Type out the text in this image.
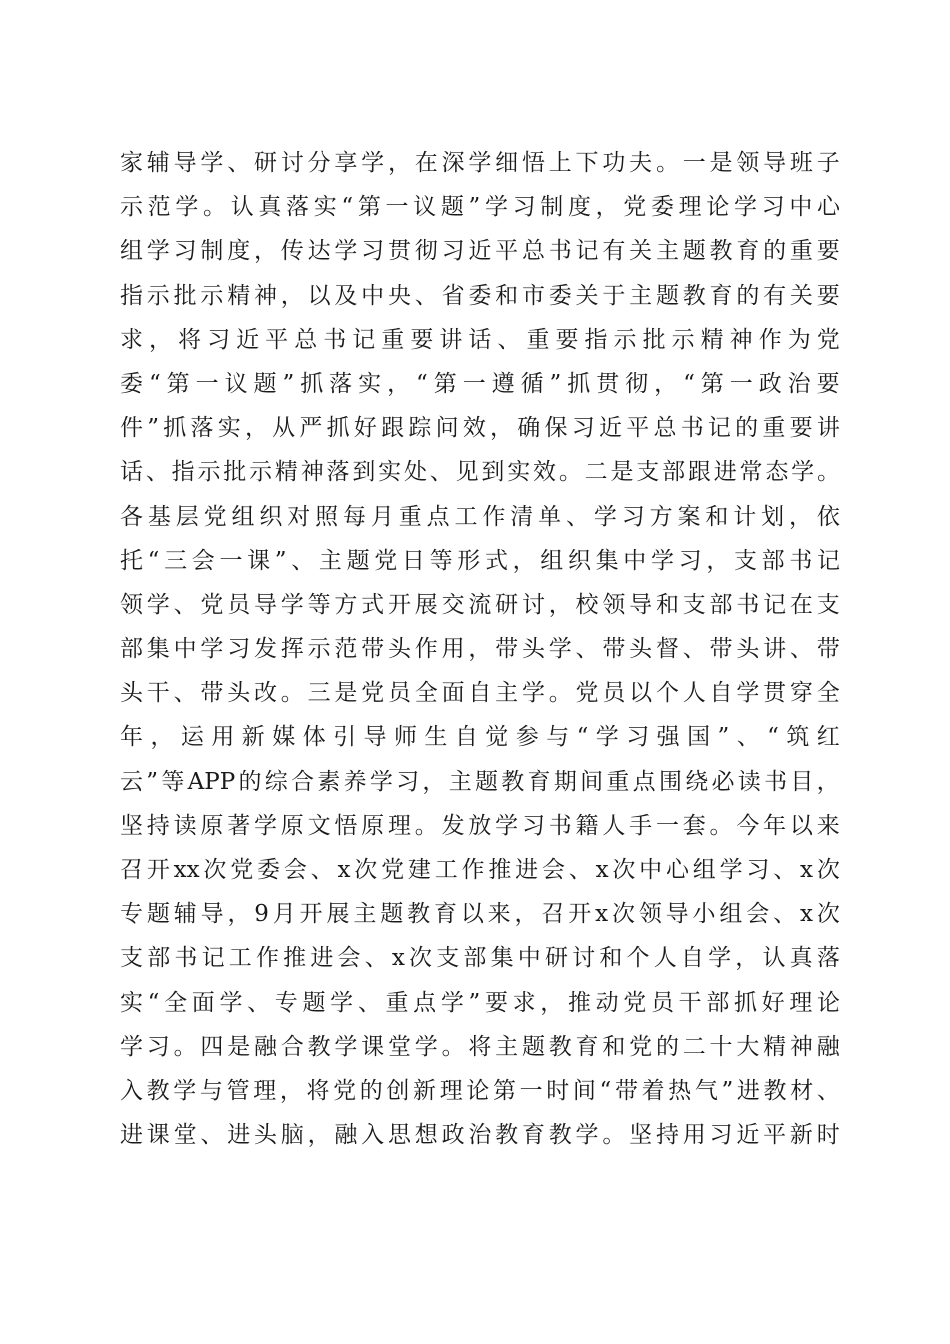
家 辅 导 学 、 研 讨 分 享 学 ， 在 深 学 细 悟 上 下 功 夫 。 一 是 领 导 班 子
示 范 学 。 认 真 落 实 “ 第 一 议 题 ” 学 习 制 度 ， 党 委 理 论 学 习 中 心
组 学 习 制 度 ， 传 达 学 习 贯 彻 习 近 平 总 书 记 有 关 主 题 教 育 的 重 要
指 示 批 示 精 神 ， 以 及 中 央 、 省 委 和 市 委 关 于 主 题 教 育 的 有 关 要
求 ， 将 习 近 平 总 书 记 重 要 讲 话 、 重 要 指 示 批 示 精 神 作 为 党
委 “ 第 一 议 题 ” 抓 落 实 ， “ 第 一 遵 循 ” 抓 贯 彻 ， “ 第 一 政 治 要
件 ” 抓 落 实 ， 从 严 抓 好 跟 踪 问 效 ， 确 保 习 近 平 总 书 记 的 重 要 讲
话 、 指 示 批 示 精 神 落 到 实 处 、 见 到 实 效 。 二 是 支 部 跟 进 常 态 学 。
各 基 层 党 组 织 对 照 每 月 重 点 工 作 清 单 、 学 习 方 案 和 计 划 ， 依
托 “ 三 会 一 课 ” 、 主 题 党 日 等 形 式 ， 组 织 集 中 学 习 ， 支 部 书 记
领 学 、 党 员 导 学 等 方 式 开 展 交 流 研 讨 ， 校 领 导 和 支 部 书 记 在 支
部 集 中 学 习 发 挥 示 范 带 头 作 用 ， 带 头 学 、 带 头 督 、 带 头 讲 、 带
头 干 、 带 头 改 。 三 是 党 员 全 面 自 主 学 。 党 员 以 个 人 自 学 贯 穿 全
年 ， 运 用 新 媒 体 引 导 师 生 自 觉 参 与 “ 学 习 强 国 ” 、 “ 筑 红
云 ” 等 APP 的 综 合 素 养 学 习 ， 主 题 教 育 期 间 重 点 围 绕 必 读 书 目 ，
坚 持 读 原 著 学 原 文 悟 原 理 。 发 放 学 习 书 籍 人 手 一 套 。 今 年 以 来
召 开 xx 次 党 委 会 、 x 次 党 建 工 作 推 进 会 、 x 次 中 心 组 学 习 、 x 次
专 题 辅 导 ， 9 月 开 展 主 题 教 育 以 来 ， 召 开 x 次 领 导 小 组 会 、 x 次
支 部 书 记 工 作 推 进 会 、 x 次 支 部 集 中 研 讨 和 个 人 自 学 ， 认 真 落
实 “ 全 面 学 、 专 题 学 、 重 点 学 ” 要 求 ， 推 动 党 员 干 部 抓 好 理 论
学 习 。 四 是 融 合 教 学 课 堂 学 。 将 主 题 教 育 和 党 的 二 十 大 精 神 融
入 教 学 与 管 理 ， 将 党 的 创 新 理 论 第 一 时 间 “ 带 着 热 气 ” 进 教 材 、
进 课 堂 、 进 头 脑 ， 融 入 思 想 政 治 教 育 教 学 。 坚 持 用 习 近 平 新 时
